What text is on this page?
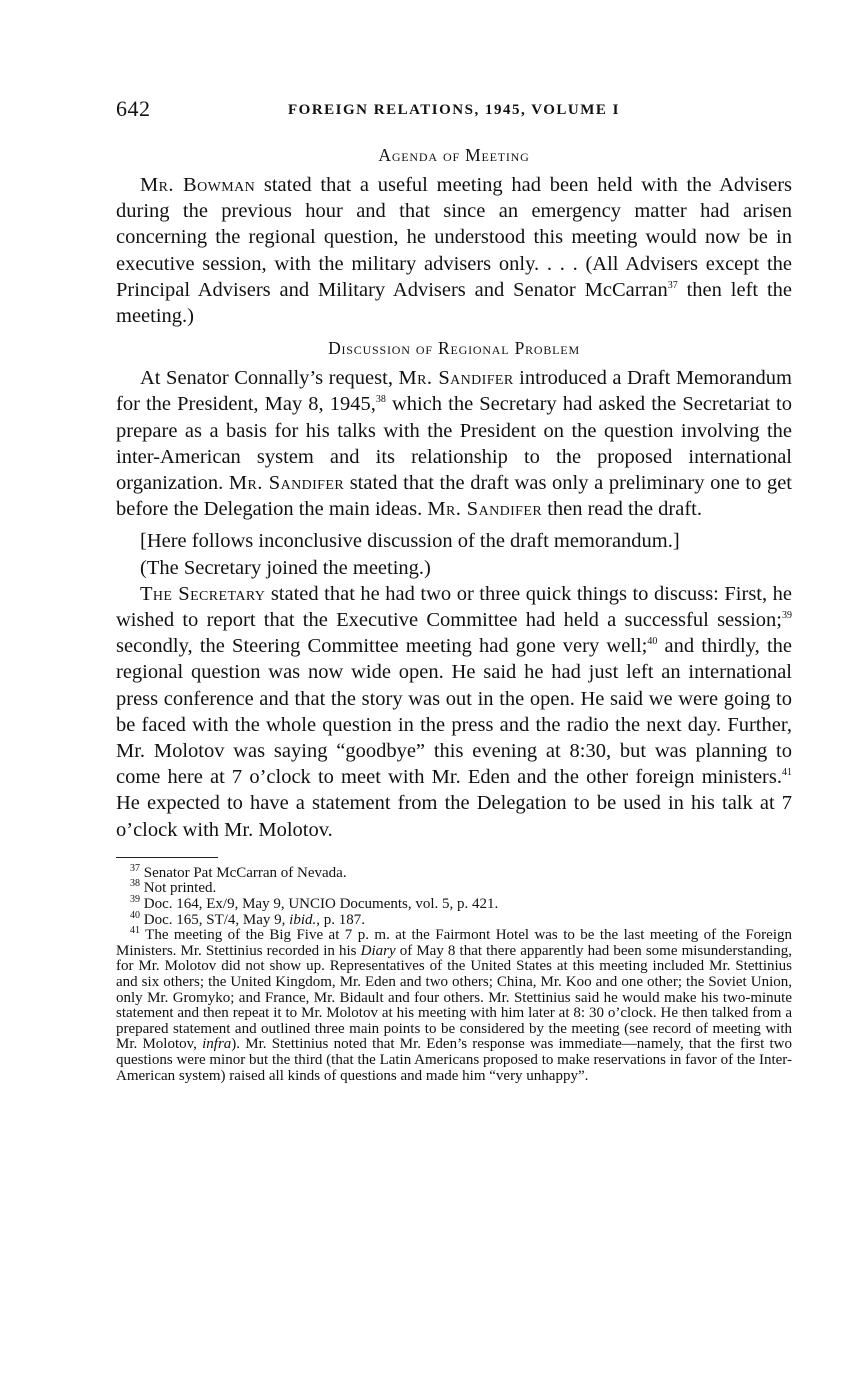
642	FOREIGN RELATIONS, 1945, VOLUME I
Agenda of Meeting

Mr. Bowman stated that a useful meeting had been held with the Advisers during the previous hour and that since an emergency matter had arisen concerning the regional question, he understood this meeting would now be in executive session, with the military advisers only. . . . (All Advisers except the Principal Advisers and Military Advisers and Senator McCarran$^{37}$ then left the meeting.)

Discussion of Regional Problem

At Senator Connally’s request, Mr. Sandifer introduced a Draft Memorandum for the President, May 8, 1945,38 which the Secretary had asked the Secretariat to prepare as a basis for his talks with the President on the question involving the inter-American system and its relationship to the proposed international organization. Mr. Sandifer stated that the draft was only a preliminary one to get before the Delegation the main ideas. Mr. Sandifer then read the draft.

[Here follows inconclusive discussion of the draft memorandum.]

(The Secretary joined the meeting.)

The Secretary stated that he had two or three quick things to discuss: First, he wished to report that the Executive Committee had held a successful session;$^{39}$ secondly, the Steering Committee meeting had gone very well;$^{40}$ and thirdly, the regional question was now wide open. He said he had just left an international press conference and that the story was out in the open. He said we were going to be faced with the whole question in the press and the radio the next day. Further, Mr. Molotov was saying “goodbye” this evening at 8:30, but was planning to come here at 7 o’clock to meet with Mr. Eden and the other foreign ministers.$^{41}$ He expected to have a statement from the Delegation to be used in his talk at 7 o’clock with Mr. Molotov.

$^{37}$ Senator Pat McCarran of Nevada.

$^{38}$ Not printed.

$^{39}$ Doc. 164, Ex/9, May 9, UNCIO Documents, vol. 5, p. 421.

$^{40}$ Doc. 165, ST/4, May 9, ibid., p. 187.

$^{41}$ The meeting of the Big Five at 7 p. m. at the Fairmont Hotel was to be the last meeting of the Foreign Ministers. Mr. Stettinius recorded in his Diary of May 8 that there apparently had been some misunderstanding, for Mr. Molotov did not show up. Representatives of the United States at this meeting included Mr. Stettinius and six others; the United Kingdom, Mr. Eden and two others; China, Mr. Koo and one other; the Soviet Union, only Mr. Gromyko; and France, Mr. Bidault and four others. Mr. Stettinius said he would make his two-minute statement and then repeat it to Mr. Molotov at his meeting with him later at 8: 30 o’clock. He then talked from a prepared statement and outlined three main points to be considered by the meeting (see record of meeting with Mr. Molotov, infra). Mr. Stettinius noted that Mr. Eden’s response was immediate—namely, that the first two questions were minor but the third (that the Latin Americans proposed to make reservations in favor of the Inter-American system) raised all kinds of questions and made him “very unhappy”.
